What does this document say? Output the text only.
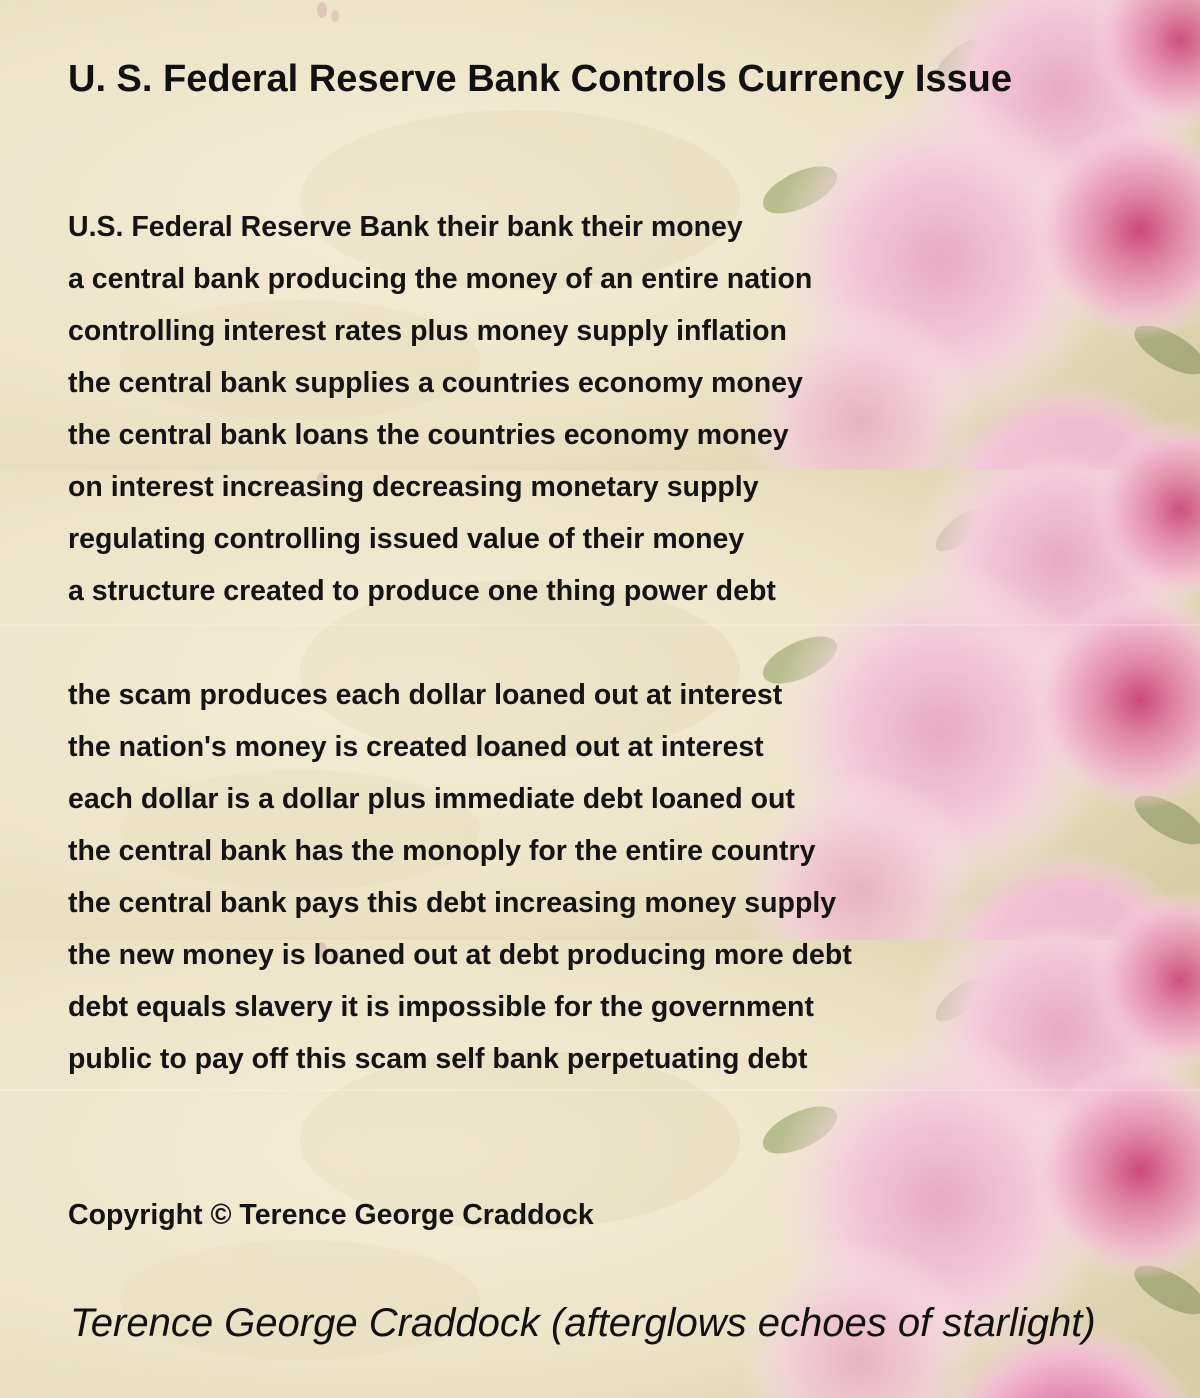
U. S. Federal Reserve Bank Controls Currency Issue
U.S. Federal Reserve Bank their bank their money
a central bank producing the money of an entire nation
controlling interest rates plus money supply inflation
the central bank supplies a countries economy money
the central bank loans the countries economy money
on interest increasing decreasing monetary supply
regulating controlling issued value of their money
a structure created to produce one thing power debt
the scam produces each dollar loaned out at interest
the nation's money is created loaned out at interest
each dollar is a dollar plus immediate debt loaned out
the central bank has the monoply for the entire country
the central bank pays this debt increasing money supply
the new money is loaned out at debt producing more debt
debt equals slavery it is impossible for the government
public to pay off this scam self bank perpetuating debt

Copyright © Terence George Craddock

Terence George Craddock (afterglows echoes of starlight)
